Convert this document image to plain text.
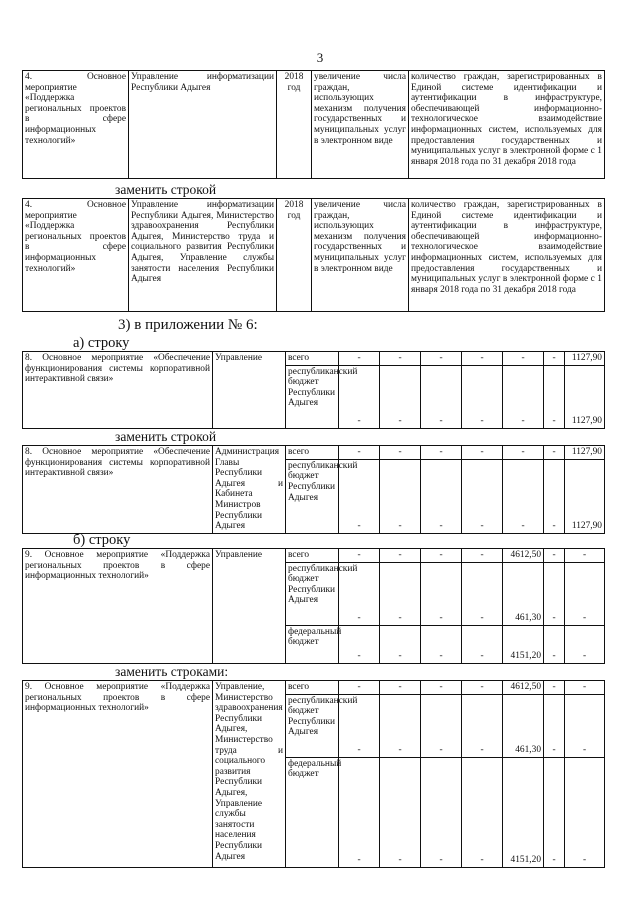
3
4. Основное мероприятие «Поддержка региональных проектов в сфере информационных технологий»	Управление информатизации Республики Адыгея	2018 год	увеличение числа граждан, использующих механизм получения государственных и муниципальных услуг в электронном виде	количество граждан, зарегистрированных в Единой системе идентификации и аутентификации в инфраструктуре, обеспечивающей информационно-технологическое взаимодействие информационных систем, используемых для предоставления государственных и муниципальных услуг в электронной форме с 1 января 2018 года по 31 декабря 2018 года
заменить строкой
4. Основное мероприятие «Поддержка региональных проектов в сфере информационных технологий»	Управление информатизации Республики Адыгея, Министерство здравоохранения Республики Адыгея, Министерство труда и социального развития Республики Адыгея, Управление службы занятости населения Республики Адыгея	2018 год	увеличение числа граждан, использующих механизм получения государственных и муниципальных услуг в электронном виде	количество граждан, зарегистрированных в Единой системе идентификации и аутентификации в инфраструктуре, обеспечивающей информационно-технологическое взаимодействие информационных систем, используемых для предоставления государственных и муниципальных услуг в электронной форме с 1 января 2018 года по 31 декабря 2018 года
3) в приложении № 6:
а) строку
8. Основное мероприятие «Обеспечение функционирования системы корпоративной интерактивной связи»	Управление	всего	-	-	-	-	-	-	1127,90
		республиканский бюджет Республики Адыгея	-	-	-	-	-	-	1127,90
заменить строкой
8. Основное мероприятие «Обеспечение функционирования системы корпоративной интерактивной связи»	Администрация Главы Республики Адыгея и Кабинета Министров Республики Адыгея	всего	-	-	-	-	-	-	1127,90
		республиканский бюджет Республики Адыгея	-	-	-	-	-	-	1127,90
б) строку
9. Основное мероприятие «Поддержка региональных проектов в сфере информационных технологий»	Управление	всего	-	-	-	-	4612,50	-	-
		республиканский бюджет Республики Адыгея	-	-	-	-	461,30	-	-
		федеральный бюджет	-	-	-	-	4151,20	-	-
заменить строками:
9. Основное мероприятие «Поддержка региональных проектов в сфере информационных технологий»	Управление, Министерство здравоохранения Республики Адыгея, Министерство труда и социального развития Республики Адыгея, Управление службы занятости населения Республики Адыгея	всего	-	-	-	-	4612,50	-	-
		республиканский бюджет Республики Адыгея	-	-	-	-	461,30	-	-
		федеральный бюджет	-	-	-	-	4151,20	-	-
